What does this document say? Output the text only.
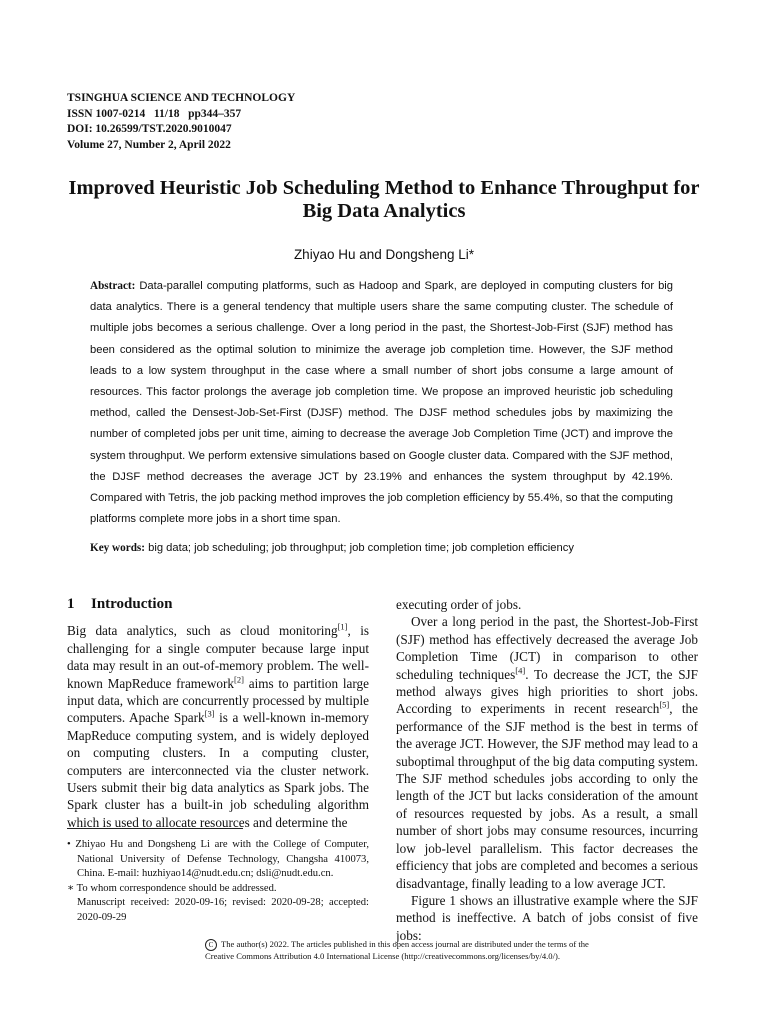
TSINGHUA SCIENCE AND TECHNOLOGY
ISSN 1007-0214   11/18   pp344–357
DOI: 10.26599/TST.2020.9010047
Volume 27, Number 2, April 2022
Improved Heuristic Job Scheduling Method to Enhance Throughput for Big Data Analytics
Zhiyao Hu and Dongsheng Li*
Abstract: Data-parallel computing platforms, such as Hadoop and Spark, are deployed in computing clusters for big data analytics. There is a general tendency that multiple users share the same computing cluster. The schedule of multiple jobs becomes a serious challenge. Over a long period in the past, the Shortest-Job-First (SJF) method has been considered as the optimal solution to minimize the average job completion time. However, the SJF method leads to a low system throughput in the case where a small number of short jobs consume a large amount of resources. This factor prolongs the average job completion time. We propose an improved heuristic job scheduling method, called the Densest-Job-Set-First (DJSF) method. The DJSF method schedules jobs by maximizing the number of completed jobs per unit time, aiming to decrease the average Job Completion Time (JCT) and improve the system throughput. We perform extensive simulations based on Google cluster data. Compared with the SJF method, the DJSF method decreases the average JCT by 23.19% and enhances the system throughput by 42.19%. Compared with Tetris, the job packing method improves the job completion efficiency by 55.4%, so that the computing platforms complete more jobs in a short time span.
Key words: big data; job scheduling; job throughput; job completion time; job completion efficiency
1 Introduction

Big data analytics, such as cloud monitoring[1], is challenging for a single computer because large input data may result in an out-of-memory problem. The well-known MapReduce framework[2] aims to partition large input data, which are concurrently processed by multiple computers. Apache Spark[3] is a well-known in-memory MapReduce computing system, and is widely deployed on computing clusters. In a computing cluster, computers are interconnected via the cluster network. Users submit their big data analytics as Spark jobs. The Spark cluster has a built-in job scheduling algorithm which is used to allocate resources and determine the

• Zhiyao Hu and Dongsheng Li are with the College of Computer, National University of Defense Technology, Changsha 410073, China. E-mail: huzhiyao14@nudt.edu.cn; dsli@nudt.edu.cn.
∗ To whom correspondence should be addressed.
Manuscript received: 2020-09-16; revised: 2020-09-28; accepted: 2020-09-29

executing order of jobs.

Over a long period in the past, the Shortest-Job-First (SJF) method has effectively decreased the average Job Completion Time (JCT) in comparison to other scheduling techniques[4]. To decrease the JCT, the SJF method always gives high priorities to short jobs. According to experiments in recent research[5], the performance of the SJF method is the best in terms of the average JCT. However, the SJF method may lead to a suboptimal throughput of the big data computing system. The SJF method schedules jobs according to only the length of the JCT but lacks consideration of the amount of resources requested by jobs. As a result, a small number of short jobs may consume resources, incurring low job-level parallelism. This factor decreases the efficiency that jobs are completed and becomes a serious disadvantage, finally leading to a low average JCT.

Figure 1 shows an illustrative example where the SJF method is ineffective. A batch of jobs consist of five jobs:

C The author(s) 2022. The articles published in this open access journal are distributed under the terms of the
Creative Commons Attribution 4.0 International License (http://creativecommons.org/licenses/by/4.0/).
